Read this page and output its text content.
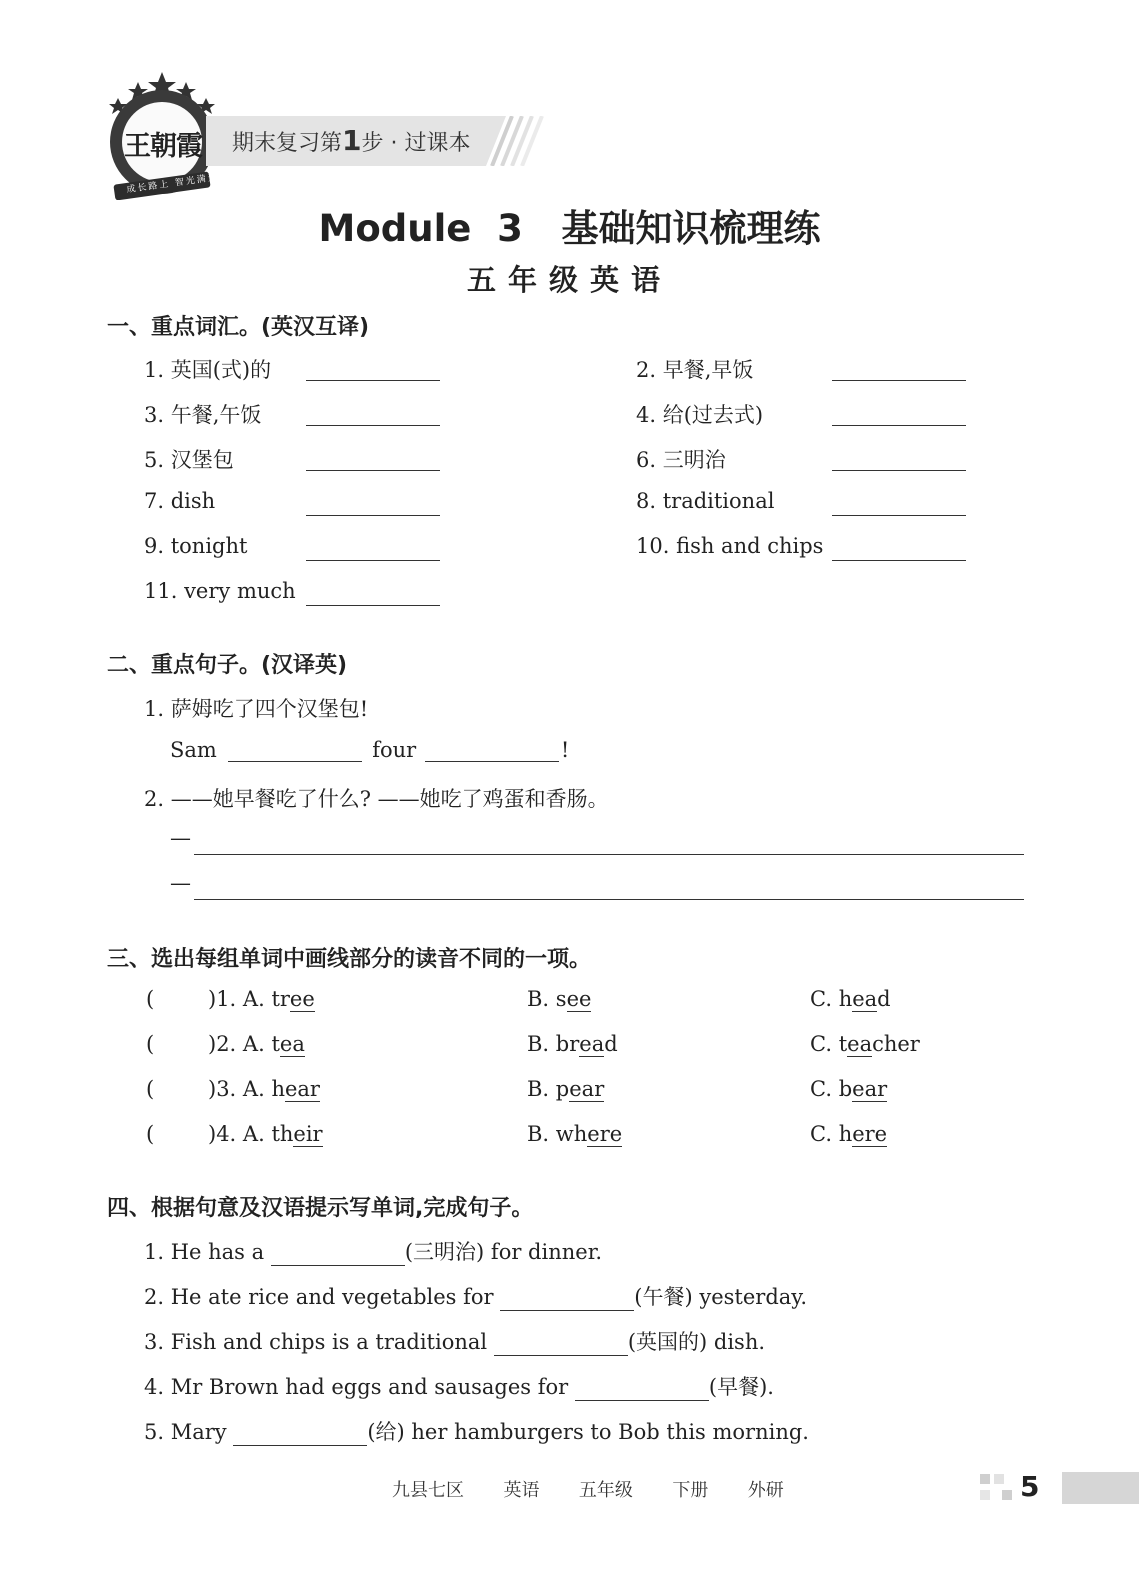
王朝霞
成长路上 智光满天
期末复习第1步 · 过课本
Module  3   基础知识梳理练
五年级英语
一、重点词汇。(英汉互译)
1. 英国(式)的	2. 早餐,早饭
3. 午餐,午饭	4. 给(过去式)
5. 汉堡包	6. 三明治
7. dish	8. traditional
9. tonight	10. fish and chips
11. very much
二、重点句子。(汉译英)
1. 萨姆吃了四个汉堡包!
Sam	four	!
2. ——她早餐吃了什么? ——她吃了鸡蛋和香肠。
—
—
三、选出每组单词中画线部分的读音不同的一项。
(	)1. A. tree	B. see	C. head
(	)2. A. tea	B. bread	C. teacher
(	)3. A. hear	B. pear	C. bear
(	)4. A. their	B. where	C. here
四、根据句意及汉语提示写单词,完成句子。
1. He has a	(三明治) for dinner.
2. He ate rice and vegetables for	(午餐) yesterday.
3. Fish and chips is a traditional	(英国的) dish.
4. Mr Brown had eggs and sausages for	(早餐).
5. Mary	(给) her hamburgers to Bob this morning.
九县七区  英语  五年级  下册  外研	5
